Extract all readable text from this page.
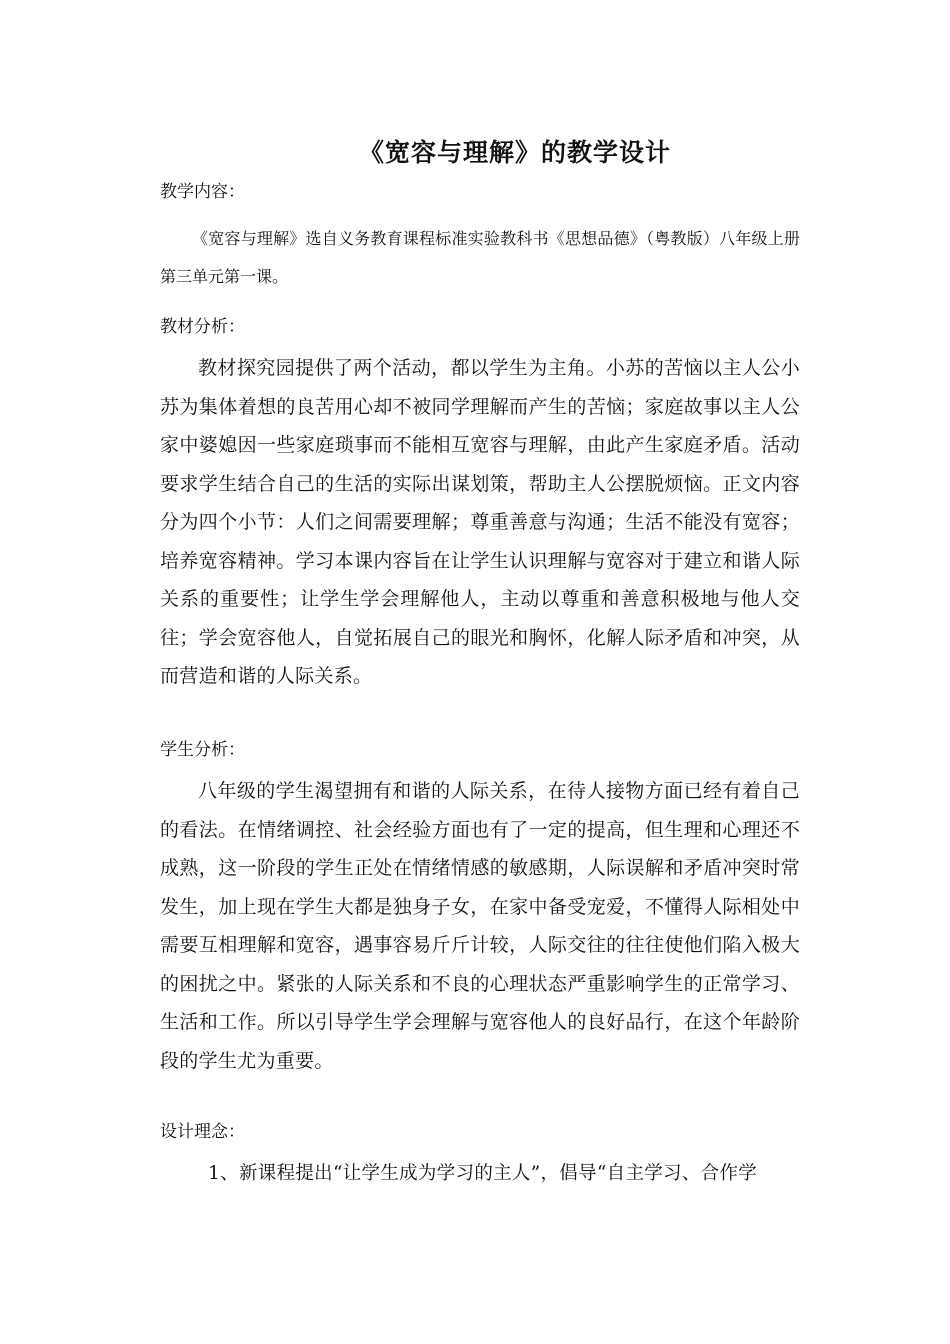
《宽容与理解》的教学设计
教学内容：

《宽容与理解》选自义务教育课程标准实验教科书《思想品德》（粤教版）八年级上册第三单元第一课。

教材分析：

教材探究园提供了两个活动，都以学生为主角。小苏的苦恼以主人公小苏为集体着想的良苦用心却不被同学理解而产生的苦恼；家庭故事以主人公家中婆媳因一些家庭琐事而不能相互宽容与理解，由此产生家庭矛盾。活动要求学生结合自己的生活的实际出谋划策，帮助主人公摆脱烦恼。正文内容分为四个小节：人们之间需要理解；尊重善意与沟通；生活不能没有宽容；培养宽容精神。学习本课内容旨在让学生认识理解与宽容对于建立和谐人际关系的重要性；让学生学会理解他人，主动以尊重和善意积极地与他人交往；学会宽容他人，自觉拓展自己的眼光和胸怀，化解人际矛盾和冲突，从而营造和谐的人际关系。

学生分析：

八年级的学生渴望拥有和谐的人际关系，在待人接物方面已经有着自己的看法。在情绪调控、社会经验方面也有了一定的提高，但生理和心理还不成熟，这一阶段的学生正处在情绪情感的敏感期，人际误解和矛盾冲突时常发生，加上现在学生大都是独身子女，在家中备受宠爱，不懂得人际相处中需要互相理解和宽容，遇事容易斤斤计较，人际交往的往往使他们陷入极大的困扰之中。紧张的人际关系和不良的心理状态严重影响学生的正常学习、生活和工作。所以引导学生学会理解与宽容他人的良好品行，在这个年龄阶段的学生尤为重要。

设计理念：
1、新课程提出“让学生成为学习的主人”，倡导“自主学习、合作学
